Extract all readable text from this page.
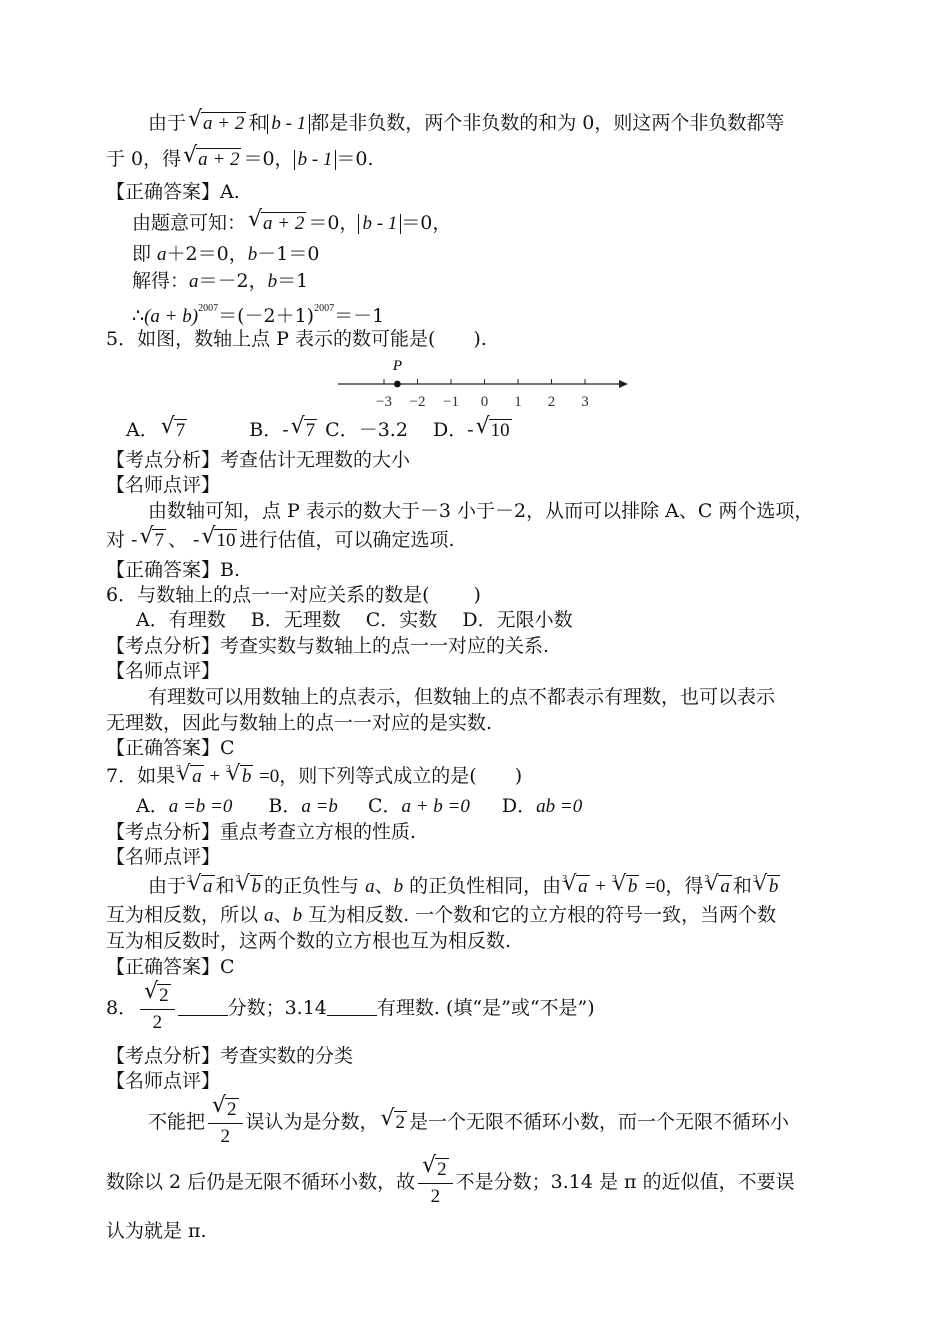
由于 √ a + 2 和 b - 1 都是非负数，两个非负数的和为 0，则这两个非负数都等
于 0，得 √ a + 2 ＝0， b - 1 ＝0.
【正确答案】A.
由题意可知： √ a + 2 ＝0， b - 1 ＝0，
即 a＋2＝0，b－1＝0
解得：a＝－2，b＝1
∴(a + $b)^{2007}=(-2+1)^{2007}=-1$
5．如图，数轴上点 P 表示的数可能是(　　).
−3 −2 −1 0 1 2 3
P
A． √ 7	B．- √ 7 C．－3.2　 D．- √ 10
【考点分析】考查估计无理数的大小
【名师点评】
由数轴可知，点 P 表示的数大于－3 小于－2，从而可以排除 A、C 两个选项，
对 - √ 7 、 - √ 10 进行估值，可以确定选项.
【正确答案】B.
6．与数轴上的点一一对应关系的数是(　　 )
A．有理数　 B．无理数　 C．实数　 D．无限小数
【考点分析】考查实数与数轴上的点一一对应的关系.
【名师点评】
有理数可以用数轴上的点表示，但数轴上的点不都表示有理数，也可以表示
无理数，因此与数轴上的点一一对应的是实数.
【正确答案】C
7．如果 √ 3 a + √ 3 b =0，则下列等式成立的是(　　)
A．a =b =0 B．a =b C．a + b =0 D．ab =0
【考点分析】重点考查立方根的性质.
【名师点评】
由于 √ 3 a 和 √ 3 b 的正负性与 a、b 的正负性相同，由 √ 3 a + √ 3 b =0，得 √ 3 a 和 √ 3 b
互为相反数，所以 a、b 互为相反数. 一个数和它的立方根的符号一致，当两个数
互为相反数时，这两个数的立方根也互为相反数.
【正确答案】C
8． √ $\frac{2}{2}$	分数；3.14	有理数. (填“是”或“不是”)
【考点分析】考查实数的分类
【名师点评】
不能把 √ $\frac{2}{2}$ 误认为是分数， √ 2 是一个无限不循环小数，而一个无限不循环小
数除以 2 后仍是无限不循环小数，故 √ $\frac{2}{2}$ 不是分数；3.14 是 π 的近似值，不要误
认为就是 π.
